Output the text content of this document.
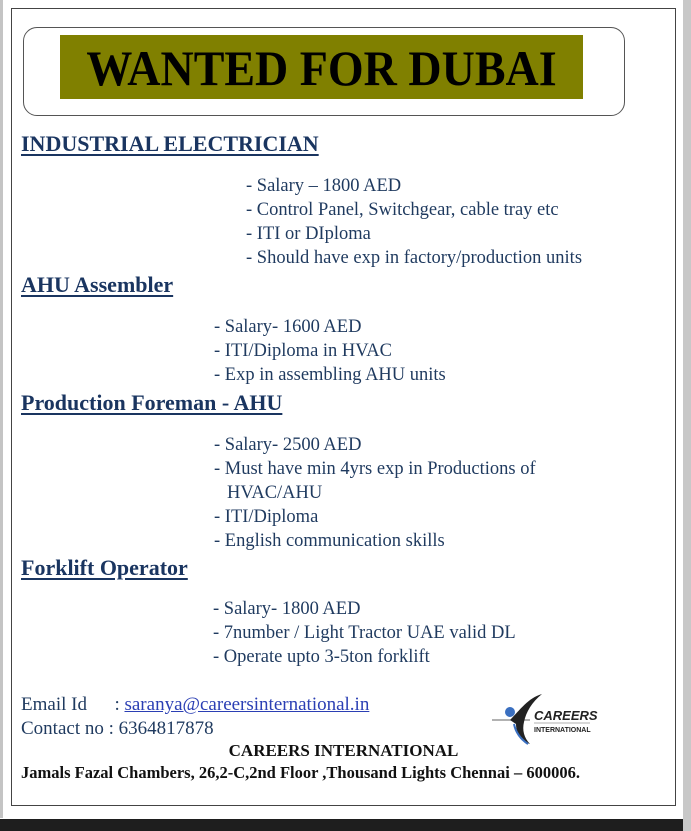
WANTED FOR DUBAI
INDUSTRIAL ELECTRICIAN
- Salary – 1800 AED
- Control Panel, Switchgear, cable tray etc
- ITI or DIploma
- Should have exp in factory/production units
AHU Assembler
- Salary- 1600 AED
- ITI/Diploma in HVAC
- Exp in assembling AHU units
Production Foreman - AHU
- Salary- 2500 AED
- Must have min 4yrs exp in Productions of
HVAC/AHU
- ITI/Diploma
- English communication skills
Forklift Operator
- Salary- 1800 AED
- 7number / Light Tractor UAE valid DL
- Operate upto 3-5ton forklift
Email Id : saranya@careersinternational.in
Contact no : 6364817878
CAREERS
INTERNATIONAL
CAREERS INTERNATIONAL
Jamals Fazal Chambers, 26,2-C,2nd Floor ,Thousand Lights Chennai – 600006.
